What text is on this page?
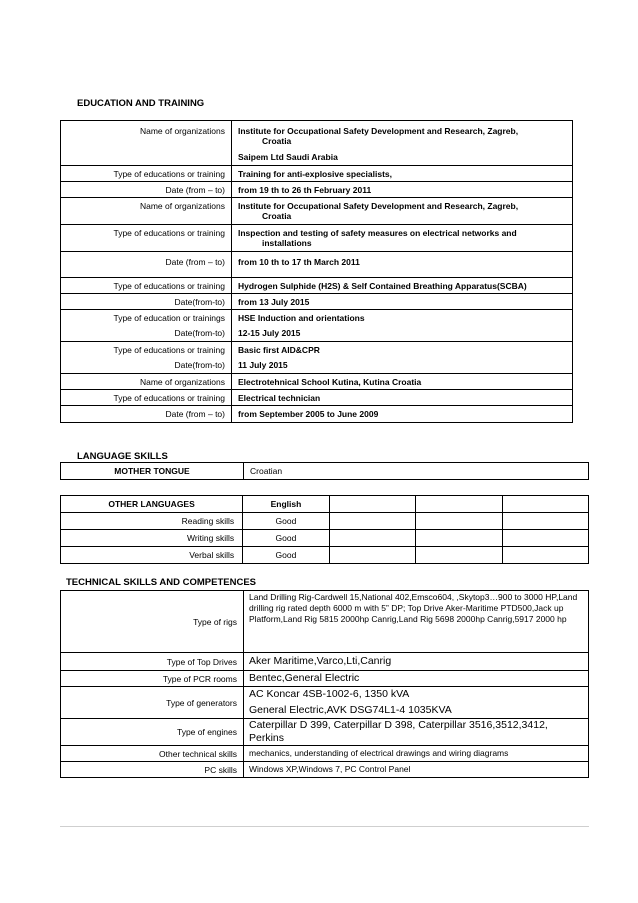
EDUCATION AND TRAINING
Name of organizations	Institute for Occupational Safety Development and Research, Zagreb,
Croatia

	Saipem Ltd Saudi Arabia
Type of educations or training	Training for anti-explosive specialists,
Date (from – to)	from 19 th to 26 th February 2011
Name of organizations	Institute for Occupational Safety Development and Research, Zagreb,
Croatia

Type of educations or training	Inspection and testing of safety measures on electrical networks and
installations

Date (from – to)	from 10 th to 17 th March 2011
Type of educations or training	Hydrogen Sulphide (H2S) & Self Contained Breathing Apparatus(SCBA)
Date(from-to)	from 13 July 2015
Type of education or trainings	HSE Induction and orientations
Date(from-to)	12-15 July 2015
Type of educations or training	Basic first AID&CPR
Date(from-to)	11 July 2015
Name of organizations	Electrotehnical School Kutina, Kutina Croatia
Type of educations or training	Electrical technician
Date (from – to)	from September 2005 to June 2009
LANGUAGE SKILLS
MOTHER TONGUE	Croatian
OTHER LANGUAGES	English			
Reading skills	Good			
Writing skills	Good			
Verbal skills	Good			
TECHNICAL SKILLS AND COMPETENCES
Type of rigs	Land Drilling Rig-Cardwell 15,National 402,Emsco604, ,Skytop3…900 to 3000 HP,Land drilling rig rated depth 6000 m with 5” DP; Top Drive Aker-Maritime PTD500,Jack up Platform,Land Rig 5815 2000hp Canrig,Land Rig 5698 2000hp Canrig,5917 2000 hp
Type of Top Drives	Aker Maritime,Varco,Lti,Canrig
Type of PCR rooms	Bentec,General Electric
Type of generators	AC Koncar 4SB-1002-6, 1350 kVA
General Electric,AVK DSG74L1-4 1035KVA

Type of engines	Caterpillar D 399, Caterpillar D 398, Caterpillar 3516,3512,3412, Perkins
Other technical skills	mechanics, understanding of electrical drawings and wiring diagrams
PC skills	Windows XP,Windows 7, PC Control Panel
